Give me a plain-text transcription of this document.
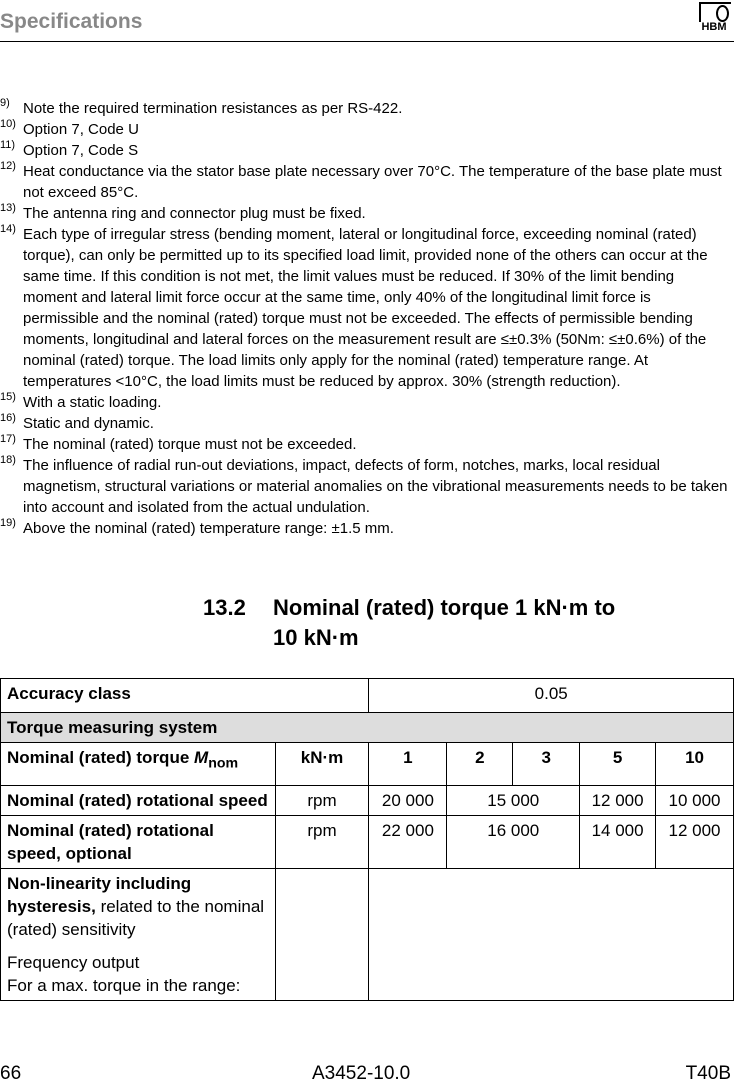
Specifications	HBM
9) Note the required termination resistances as per RS-422.
10) Option 7, Code U
11) Option 7, Code S
12) Heat conductance via the stator base plate necessary over 70°C. The temperature of the base plate must not exceed 85°C.
13) The antenna ring and connector plug must be fixed.
14) Each type of irregular stress (bending moment, lateral or longitudinal force, exceeding nominal (rated) torque), can only be permitted up to its specified load limit, provided none of the others can occur at the same time. If this condition is not met, the limit values must be reduced. If 30% of the limit bending moment and lateral limit force occur at the same time, only 40% of the longitudinal limit force is permissible and the nominal (rated) torque must not be exceeded. The effects of permissible bending moments, longitudinal and lateral forces on the measurement result are ≤±0.3% (50Nm: ≤±0.6%) of the nominal (rated) torque. The load limits only apply for the nominal (rated) temperature range. At temperatures <10°C, the load limits must be reduced by approx. 30% (strength reduction).
15) With a static loading.
16) Static and dynamic.
17) The nominal (rated) torque must not be exceeded.
18) The influence of radial run-out deviations, impact, defects of form, notches, marks, local residual magnetism, structural variations or material anomalies on the vibrational measurements needs to be taken into account and isolated from the actual undulation.
19) Above the nominal (rated) temperature range: ±1.5 mm.
13.2 Nominal (rated) torque 1 kN·m to
10 kN·m
Accuracy class		0.05				
Torque measuring system						
Nominal (rated) torque $M_{nom}$	kN·m	1	2	3	5	10
Nominal (rated) rotational speed	rpm	20 000	15 000		12 000	10 000
Nominal (rated) rotational speed, optional	rpm	22 000	16 000		14 000	12 000
Non-linearity including hysteresis, related to the nominal (rated) sensitivity
Frequency output
For a max. torque in the range:						

66	A3452-10.0	T40B
